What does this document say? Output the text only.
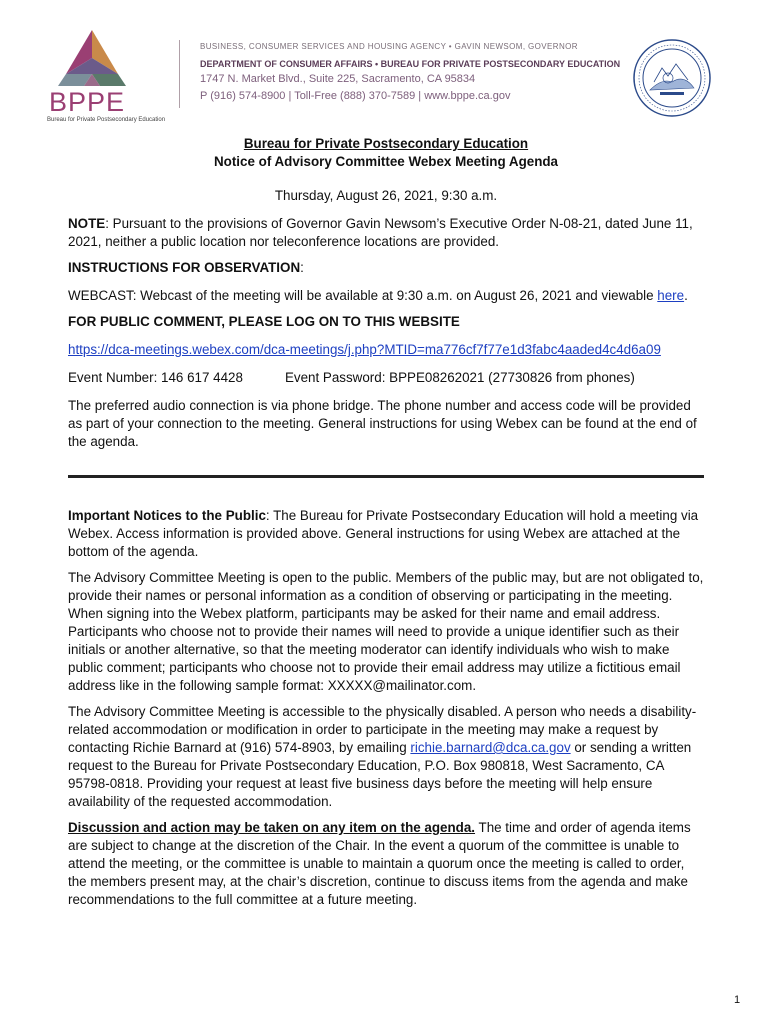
BPPE
Bureau for Private Postsecondary Education
BUSINESS, CONSUMER SERVICES AND HOUSING AGENCY • GAVIN NEWSOM, GOVERNOR
DEPARTMENT OF CONSUMER AFFAIRS • BUREAU FOR PRIVATE POSTSECONDARY EDUCATION
1747 N. Market Blvd., Suite 225, Sacramento, CA 95834
P (916) 574-8900 | Toll-Free (888) 370-7589 | www.bppe.ca.gov
Bureau for Private Postsecondary Education
Notice of Advisory Committee Webex Meeting Agenda
Thursday, August 26, 2021, 9:30 a.m.

NOTE: Pursuant to the provisions of Governor Gavin Newsom’s Executive Order N-08-21, dated June 11, 2021, neither a public location nor teleconference locations are provided.

INSTRUCTIONS FOR OBSERVATION:

WEBCAST: Webcast of the meeting will be available at 9:30 a.m. on August 26, 2021 and viewable here.

FOR PUBLIC COMMENT, PLEASE LOG ON TO THIS WEBSITE

https://dca-meetings.webex.com/dca-meetings/j.php?MTID=ma776cf7f77e1d3fabc4aaded4c4d6a09

Event Number: 146 617 4428	Event Password: BPPE08262021 (27730826 from phones)

The preferred audio connection is via phone bridge. The phone number and access code will be provided as part of your connection to the meeting. General instructions for using Webex can be found at the end of the agenda.

Important Notices to the Public: The Bureau for Private Postsecondary Education will hold a meeting via Webex. Access information is provided above. General instructions for using Webex are attached at the bottom of the agenda.

The Advisory Committee Meeting is open to the public. Members of the public may, but are not obligated to, provide their names or personal information as a condition of observing or participating in the meeting. When signing into the Webex platform, participants may be asked for their name and email address. Participants who choose not to provide their names will need to provide a unique identifier such as their initials or another alternative, so that the meeting moderator can identify individuals who wish to make public comment; participants who choose not to provide their email address may utilize a fictitious email address like in the following sample format: XXXXX@mailinator.com.

The Advisory Committee Meeting is accessible to the physically disabled. A person who needs a disability-related accommodation or modification in order to participate in the meeting may make a request by contacting Richie Barnard at (916) 574-8903, by emailing richie.barnard@dca.ca.gov or sending a written request to the Bureau for Private Postsecondary Education, P.O. Box 980818, West Sacramento, CA 95798-0818. Providing your request at least five business days before the meeting will help ensure availability of the requested accommodation.

Discussion and action may be taken on any item on the agenda. The time and order of agenda items are subject to change at the discretion of the Chair. In the event a quorum of the committee is unable to attend the meeting, or the committee is unable to maintain a quorum once the meeting is called to order, the members present may, at the chair’s discretion, continue to discuss items from the agenda and make recommendations to the full committee at a future meeting.

1
